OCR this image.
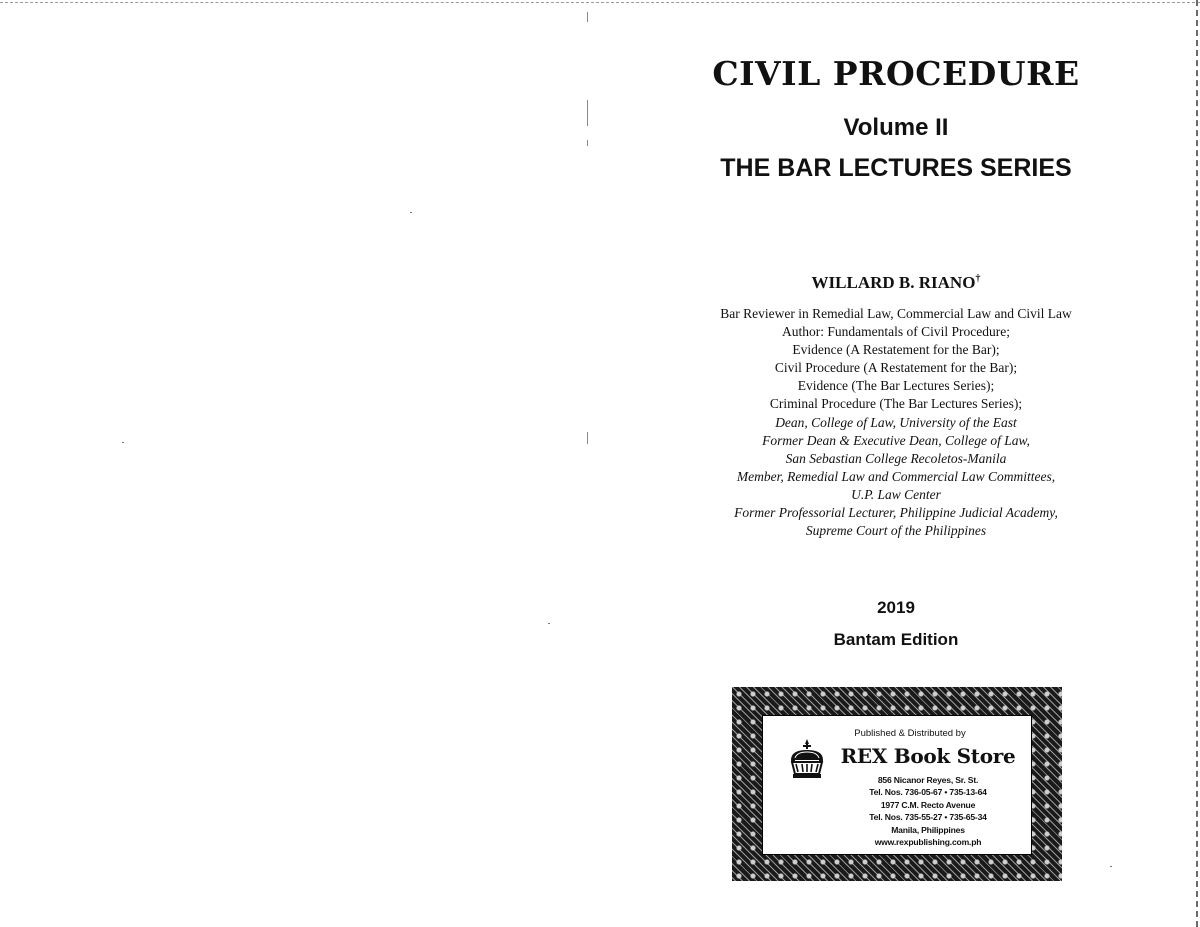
CIVIL PROCEDURE
Volume II
THE BAR LECTURES SERIES
WILLARD B. RIANO†
Bar Reviewer in Remedial Law, Commercial Law and Civil Law
Author: Fundamentals of Civil Procedure;
Evidence (A Restatement for the Bar);
Civil Procedure (A Restatement for the Bar);
Evidence (The Bar Lectures Series);
Criminal Procedure (The Bar Lectures Series);
Dean, College of Law, University of the East
Former Dean & Executive Dean, College of Law,
San Sebastian College Recoletos-Manila
Member, Remedial Law and Commercial Law Committees,
U.P. Law Center
Former Professorial Lecturer, Philippine Judicial Academy,
Supreme Court of the Philippines
2019
Bantam Edition
Published & Distributed by
REX Book Store
856 Nicanor Reyes, Sr. St.
Tel. Nos. 736-05-67 • 735-13-64
1977 C.M. Recto Avenue
Tel. Nos. 735-55-27 • 735-65-34
Manila, Philippines
www.rexpublishing.com.ph
